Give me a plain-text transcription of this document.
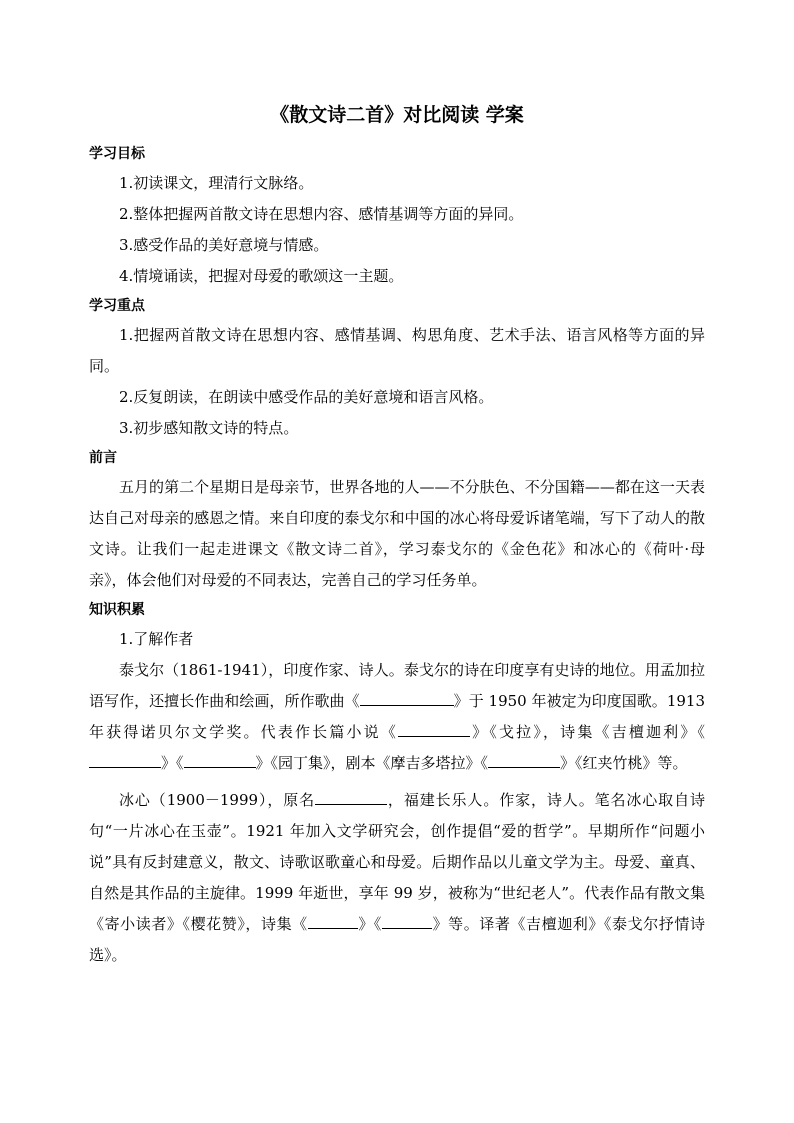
《散文诗二首》对比阅读 学案
学习目标
1.初读课文，理清行文脉络。
2.整体把握两首散文诗在思想内容、感情基调等方面的异同。
3.感受作品的美好意境与情感。
4.情境诵读，把握对母爱的歌颂这一主题。
学习重点

1.把握两首散文诗在思想内容、感情基调、构思角度、艺术手法、语言风格等方面的异同。

2.反复朗读，在朗读中感受作品的美好意境和语言风格。
3.初步感知散文诗的特点。
前言

五月的第二个星期日是母亲节，世界各地的人——不分肤色、不分国籍——都在这一天表达自己对母亲的感恩之情。来自印度的泰戈尔和中国的冰心将母爱诉诸笔端，写下了动人的散文诗。让我们一起走进课文《散文诗二首》，学习泰戈尔的《金色花》和冰心的《荷叶·母亲》，体会他们对母爱的不同表达，完善自己的学习任务单。

知识积累
1.了解作者

泰戈尔（1861-1941），印度作家、诗人。泰戈尔的诗在印度享有史诗的地位。用孟加拉语写作，还擅长作曲和绘画，所作歌曲《	》于 1950 年被定为印度国歌。1913 年获得诺贝尔文学奖。代表作长篇小说《	》《戈拉》，诗集《吉檀迦利》《》《	》《园丁集》，剧本《摩吉多塔拉》《	》《红夹竹桃》等。

冰心（1900－1999），原名	，福建长乐人。作家，诗人。笔名冰心取自诗句“一片冰心在玉壶”。1921 年加入文学研究会，创作提倡“爱的哲学”。早期所作“问题小说”具有反封建意义，散文、诗歌讴歌童心和母爱。后期作品以儿童文学为主。母爱、童真、自然是其作品的主旋律。1999 年逝世，享年 99 岁，被称为“世纪老人”。代表作品有散文集《寄小读者》《樱花赞》，诗集《	》《	》等。译著《吉檀迦利》《泰戈尔抒情诗选》。
